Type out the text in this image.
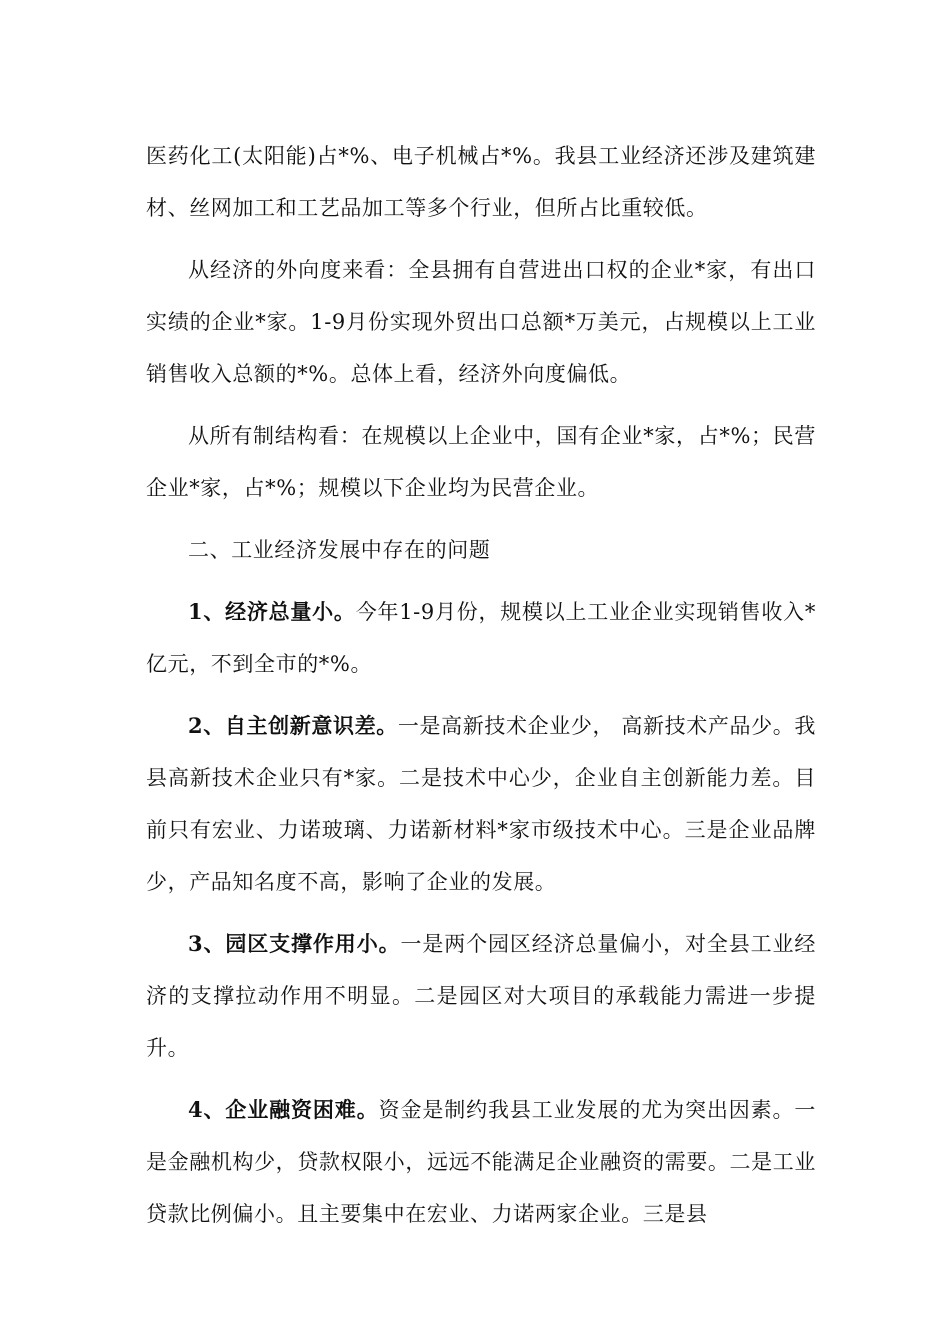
医药化工(太阳能)占*%、电子机械占*%。我县工业经济还涉及建筑建材、丝网加工和工艺品加工等多个行业，但所占比重较低。

从经济的外向度来看：全县拥有自营进出口权的企业*家，有出口实绩的企业*家。1-9月份实现外贸出口总额*万美元，占规模以上工业销售收入总额的*%。总体上看，经济外向度偏低。

从所有制结构看：在规模以上企业中，国有企业*家，占*%；民营企业*家，占*%；规模以下企业均为民营企业。

二、工业经济发展中存在的问题

1、经济总量小。今年1-9月份，规模以上工业企业实现销售收入*亿元，不到全市的*%。

2、自主创新意识差。一是高新技术企业少， 高新技术产品少。我县高新技术企业只有*家。二是技术中心少，企业自主创新能力差。目前只有宏业、力诺玻璃、力诺新材料*家市级技术中心。三是企业品牌少，产品知名度不高，影响了企业的发展。

3、园区支撑作用小。一是两个园区经济总量偏小，对全县工业经济的支撑拉动作用不明显。二是园区对大项目的承载能力需进一步提升。

4、企业融资困难。资金是制约我县工业发展的尤为突出因素。一是金融机构少，贷款权限小，远远不能满足企业融资的需要。二是工业贷款比例偏小。且主要集中在宏业、力诺两家企业。三是县
